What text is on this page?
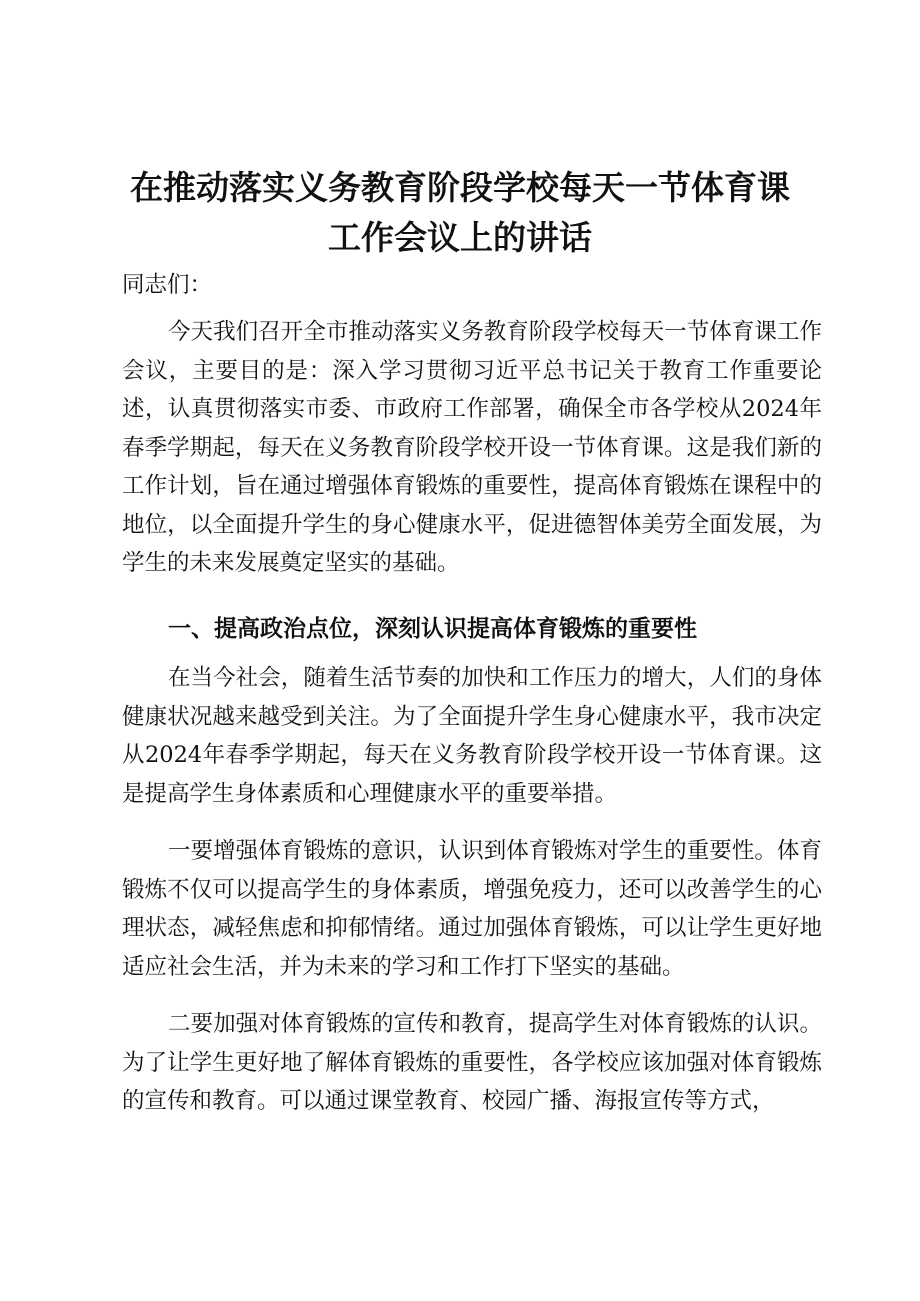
在推动落实义务教育阶段学校每天一节体育课
工作会议上的讲话
同志们：

今天我们召开全市推动落实义务教育阶段学校每天一节体育课工作会议，主要目的是：深入学习贯彻习近平总书记关于教育工作重要论述，认真贯彻落实市委、市政府工作部署，确保全市各学校从2024年春季学期起，每天在义务教育阶段学校开设一节体育课。这是我们新的工作计划，旨在通过增强体育锻炼的重要性，提高体育锻炼在课程中的地位，以全面提升学生的身心健康水平，促进德智体美劳全面发展，为学生的未来发展奠定坚实的基础。

一、提高政治点位，深刻认识提高体育锻炼的重要性

在当今社会，随着生活节奏的加快和工作压力的增大，人们的身体健康状况越来越受到关注。为了全面提升学生身心健康水平，我市决定从2024年春季学期起，每天在义务教育阶段学校开设一节体育课。这是提高学生身体素质和心理健康水平的重要举措。

一要增强体育锻炼的意识，认识到体育锻炼对学生的重要性。体育锻炼不仅可以提高学生的身体素质，增强免疫力，还可以改善学生的心理状态，减轻焦虑和抑郁情绪。通过加强体育锻炼，可以让学生更好地适应社会生活，并为未来的学习和工作打下坚实的基础。

二要加强对体育锻炼的宣传和教育，提高学生对体育锻炼的认识。为了让学生更好地了解体育锻炼的重要性，各学校应该加强对体育锻炼的宣传和教育。可以通过课堂教育、校园广播、海报宣传等方式，
